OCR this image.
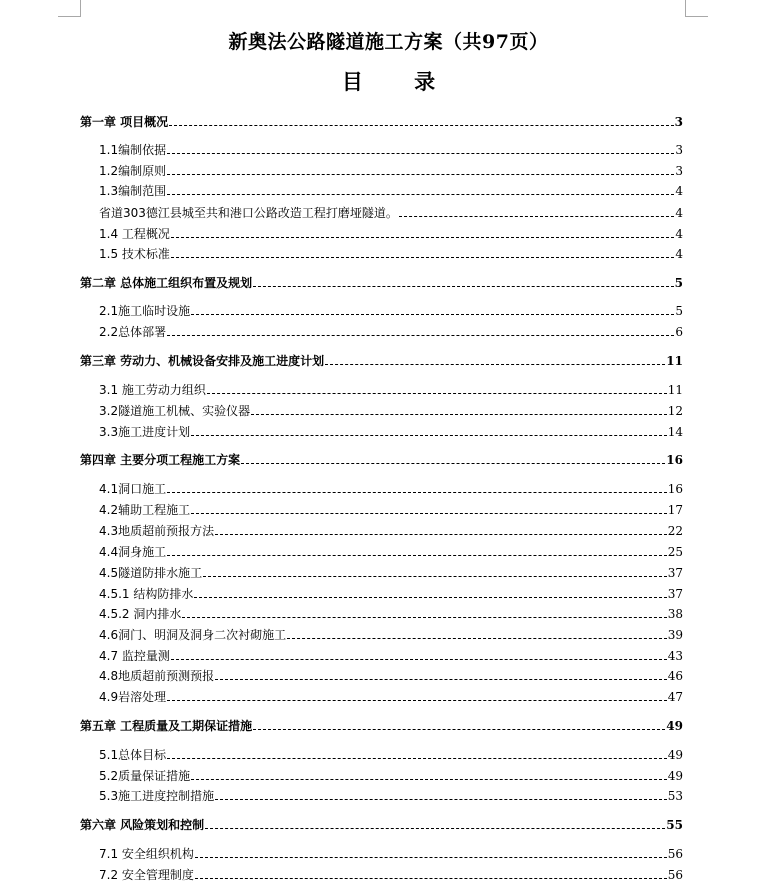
新奥法公路隧道施工方案（共97页）
目 录
第一章 项目概况	3
1.1编制依据	3
1.2编制原则	3
1.3编制范围	4
省道303德江县城至共和港口公路改造工程打磨垭隧道。	4
1.4 工程概况	4
1.5 技术标准	4
第二章 总体施工组织布置及规划	5
2.1施工临时设施	5
2.2总体部署	6
第三章 劳动力、机械设备安排及施工进度计划	11
3.1 施工劳动力组织	11
3.2隧道施工机械、实验仪器	12
3.3施工进度计划	14
第四章 主要分项工程施工方案	16
4.1洞口施工	16
4.2辅助工程施工	17
4.3地质超前预报方法	22
4.4洞身施工	25
4.5隧道防排水施工	37
4.5.1 结构防排水	37
4.5.2 洞内排水	38
4.6洞门、明洞及洞身二次衬砌施工	39
4.7 监控量测	43
4.8地质超前预测预报	46
4.9岩溶处理	47
第五章 工程质量及工期保证措施	49
5.1总体目标	49
5.2质量保证措施	49
5.3施工进度控制措施	53
第六章 风险策划和控制	55
7.1 安全组织机构	56
7.2 安全管理制度	56
